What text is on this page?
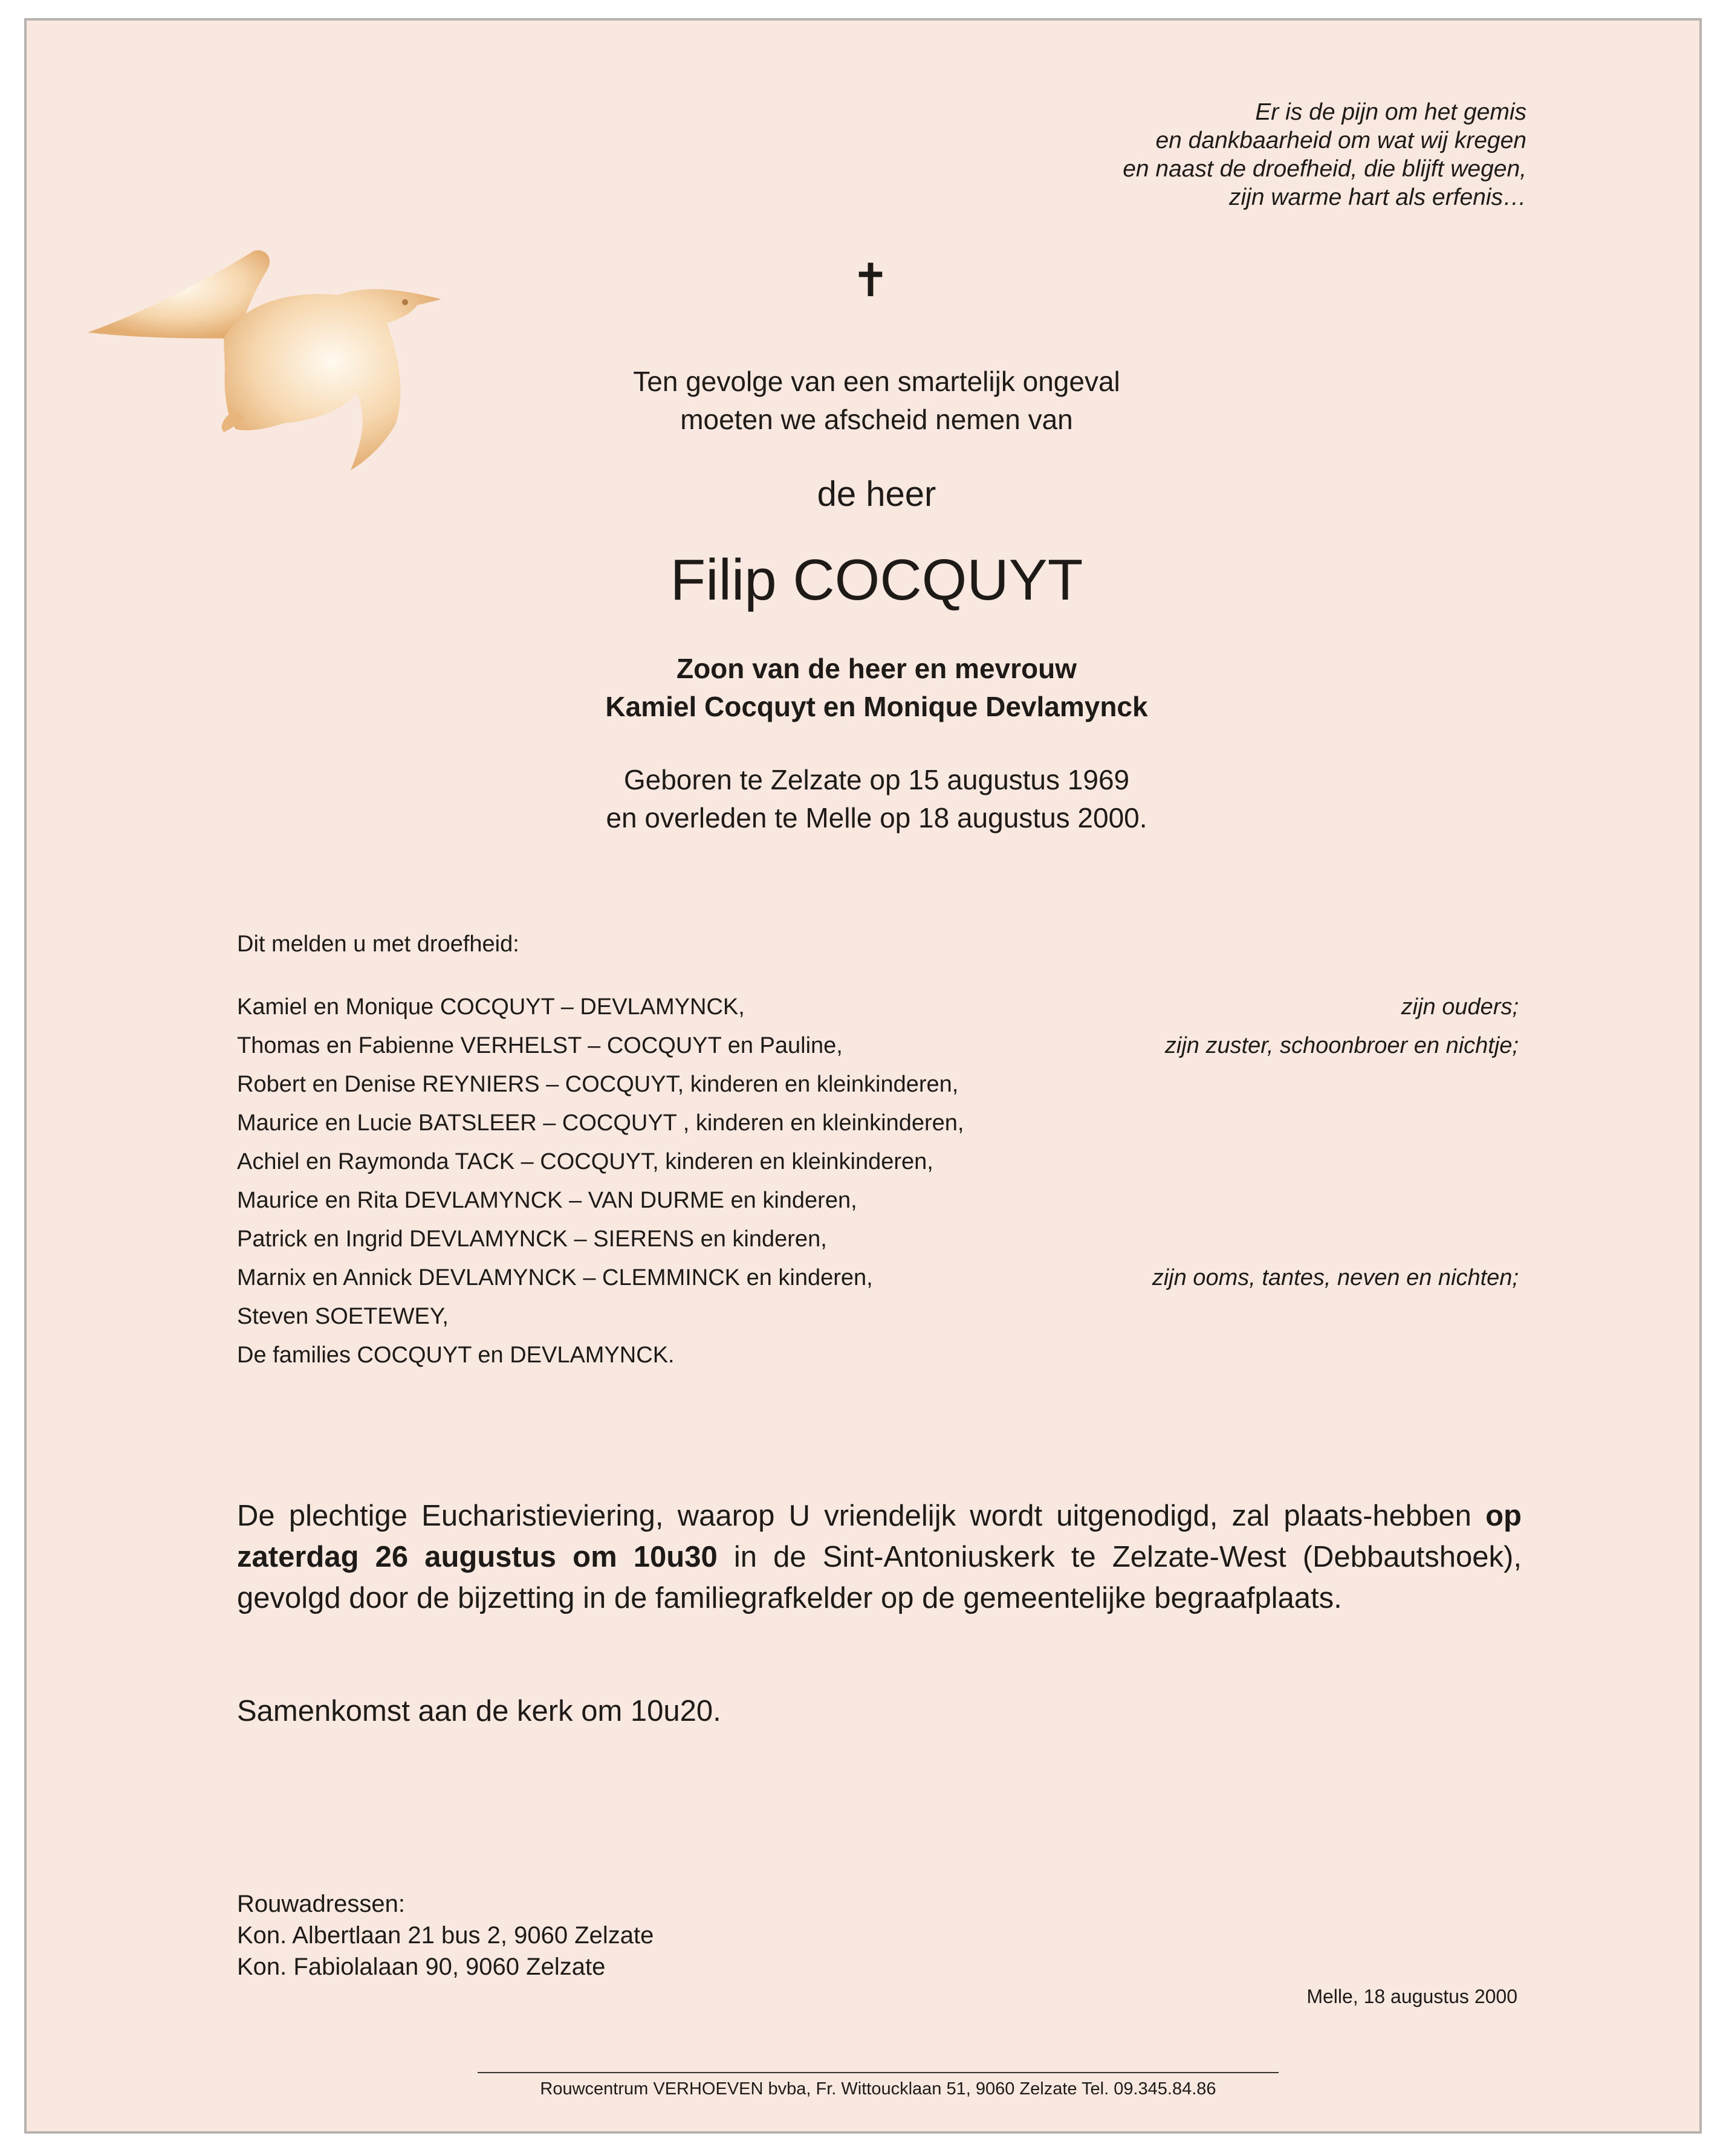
Er is de pijn om het gemis
en dankbaarheid om wat wij kregen
en naast de droefheid, die blijft wegen,
zijn warme hart als erfenis…
✝
Ten gevolge van een smartelijk ongeval
moeten we afscheid nemen van
de heer
Filip COCQUYT
Zoon van de heer en mevrouw
Kamiel Cocquyt en Monique Devlamynck
Geboren te Zelzate op 15 augustus 1969
en overleden te Melle op 18 augustus 2000.
Dit melden u met droefheid:
Kamiel en Monique COCQUYT – DEVLAMYNCK,	zijn ouders;
Thomas en Fabienne VERHELST – COCQUYT en Pauline,	zijn zuster, schoonbroer en nichtje;
Robert en Denise REYNIERS – COCQUYT, kinderen en kleinkinderen,
Maurice en Lucie BATSLEER – COCQUYT , kinderen en kleinkinderen,
Achiel en Raymonda TACK – COCQUYT, kinderen en kleinkinderen,
Maurice en Rita DEVLAMYNCK – VAN DURME en kinderen,
Patrick en Ingrid DEVLAMYNCK – SIERENS en kinderen,
Marnix en Annick DEVLAMYNCK – CLEMMINCK en kinderen,	zijn ooms, tantes, neven en nichten;
Steven SOETEWEY,
De families COCQUYT en DEVLAMYNCK.
De plechtige Eucharistieviering, waarop U vriendelijk wordt uitgenodigd, zal plaats-hebben op zaterdag 26 augustus om 10u30 in de Sint-Antoniuskerk te Zelzate-West (Debbautshoek), gevolgd door de bijzetting in de familiegrafkelder op de gemeentelijke begraafplaats.
Samenkomst aan de kerk om 10u20.
Rouwadressen:
Kon. Albertlaan 21 bus 2, 9060 Zelzate
Kon. Fabiolalaan 90, 9060 Zelzate
Melle, 18 augustus 2000
Rouwcentrum VERHOEVEN bvba, Fr. Wittoucklaan 51, 9060 Zelzate Tel. 09.345.84.86
